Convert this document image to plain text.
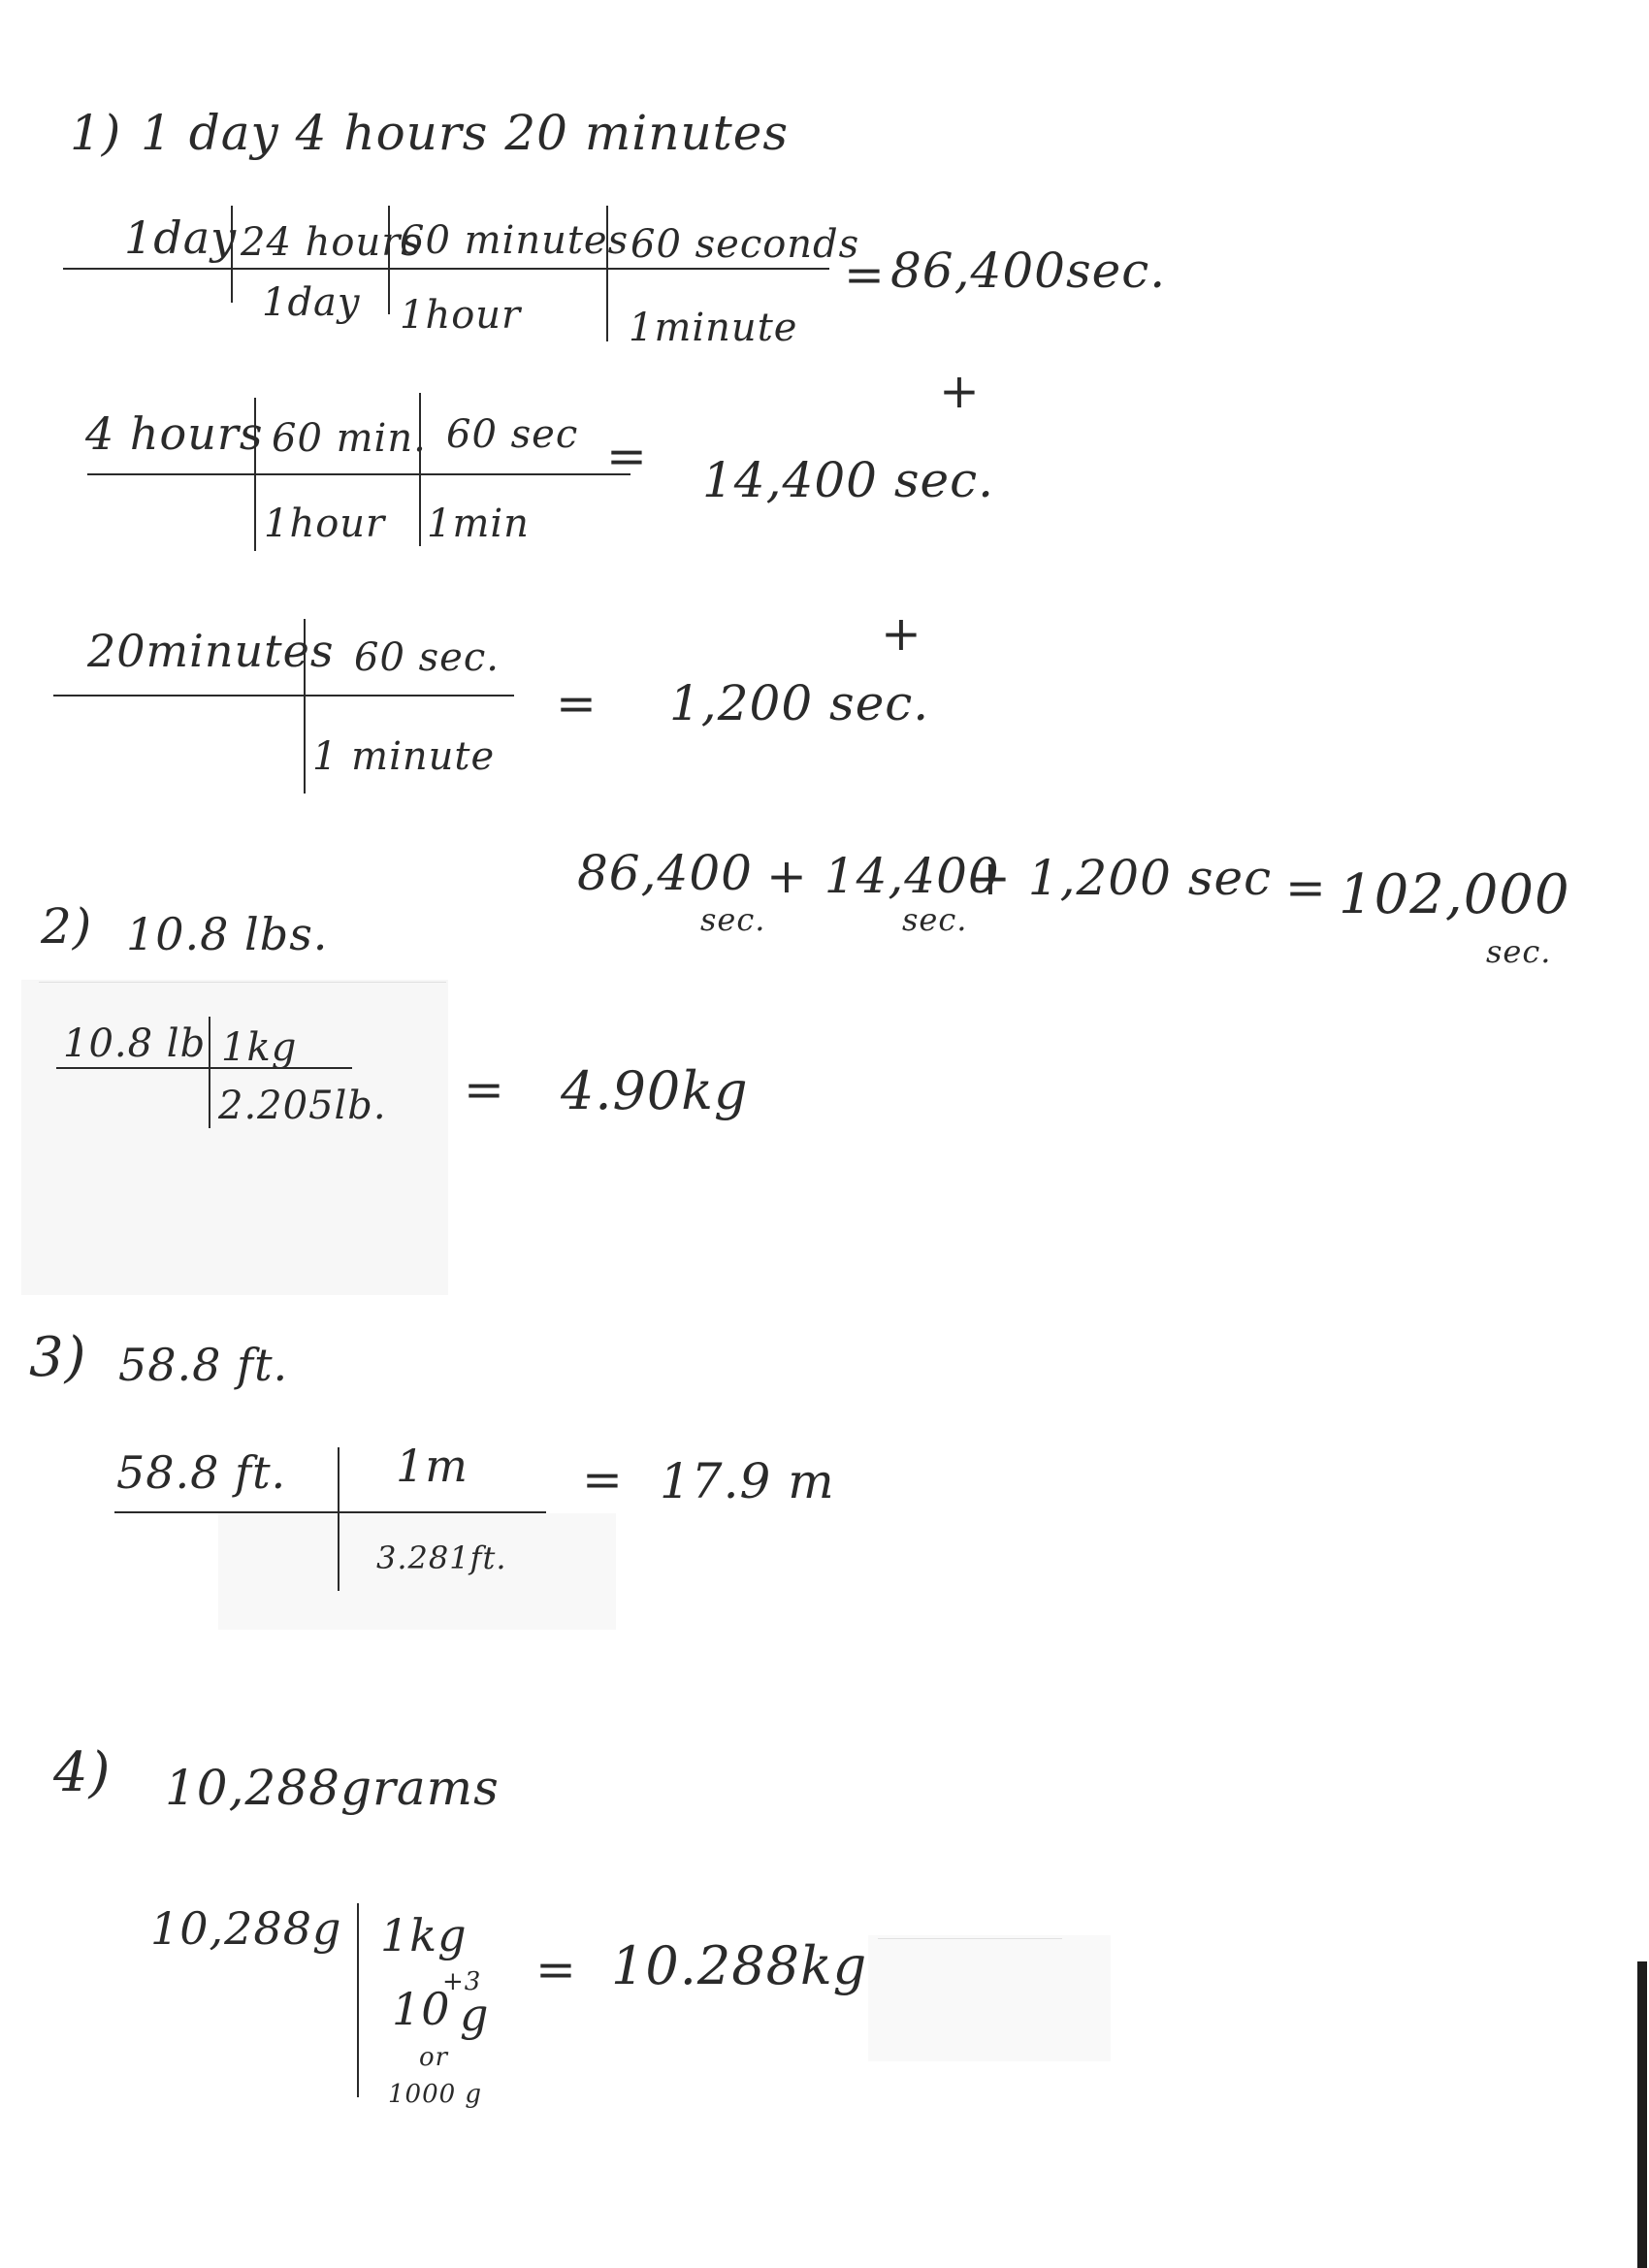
1) 1 day 4 hours 20 minutes
1day 24 hours
1day
60 minutes
1hour
60 seconds
1minute
= 86,400sec.
+
4 hours 60 min.
1hour
60 sec
1min
= 14,400 sec.
+
20minutes 60 sec.
1 minute
= 1,200 sec.
86,400 + 14,400
+ 1,200 sec
sec.	sec.
= 102,000
sec.
2) 10.8 lbs.
10.8 lb 1kg
2.205lb. = 4.90kg
3) 58.8 ft.
58.8 ft. 1m
3.281ft.
= 17.9 m
4) 10,288grams
10,288g 1kg
10
+3
g
or
1000 g
= 10.288kg
